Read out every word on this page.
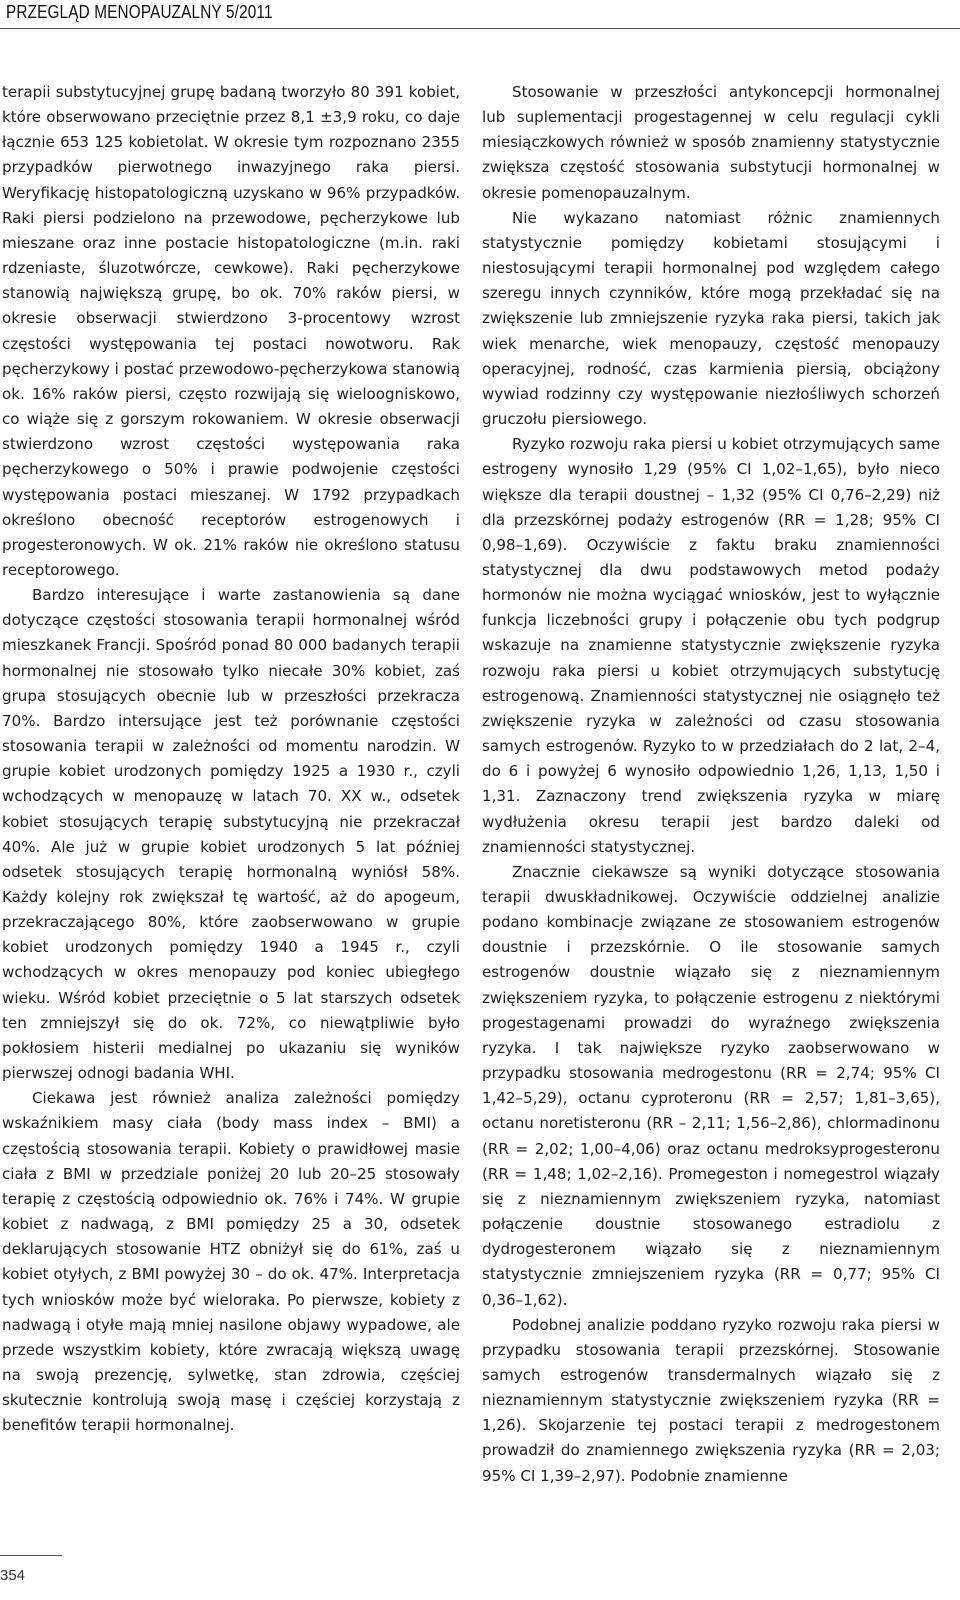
PRZEGLĄD MENOPAUZALNY 5/2011

terapii substytucyjnej grupę badaną tworzyło 80 391 kobiet, które obserwowano przeciętnie przez 8,1 ±3,9 roku, co daje łącznie 653 125 kobietolat. W okresie tym rozpoznano 2355 przypadków pierwotnego inwazyjnego raka piersi. Weryfikację histopatologiczną uzyskano w 96% przypadków. Raki piersi podzielono na przewodowe, pęcherzykowe lub mieszane oraz inne postacie histopatologiczne (m.in. raki rdzeniaste, śluzotwórcze, cewkowe). Raki pęcherzykowe stanowią największą grupę, bo ok. 70% raków piersi, w okresie obserwacji stwierdzono 3-procentowy wzrost częstości występowania tej postaci nowotworu. Rak pęcherzykowy i postać przewodowo-pęcherzykowa stanowią ok. 16% raków piersi, często rozwijają się wieloogniskowo, co wiąże się z gorszym rokowaniem. W okresie obserwacji stwierdzono wzrost częstości występowania raka pęcherzykowego o 50% i prawie podwojenie częstości występowania postaci mieszanej. W 1792 przypadkach określono obecność receptorów estrogenowych i progesteronowych. W ok. 21% raków nie określono statusu receptorowego.

Bardzo interesujące i warte zastanowienia są dane dotyczące częstości stosowania terapii hormonalnej wśród mieszkanek Francji. Spośród ponad 80 000 badanych terapii hormonalnej nie stosowało tylko niecałe 30% kobiet, zaś grupa stosujących obecnie lub w przeszłości przekracza 70%. Bardzo intersujące jest też porównanie częstości stosowania terapii w zależności od momentu narodzin. W grupie kobiet urodzonych pomiędzy 1925 a 1930 r., czyli wchodzących w menopauzę w latach 70. XX w., odsetek kobiet stosujących terapię substytucyjną nie przekraczał 40%. Ale już w grupie kobiet urodzonych 5 lat później odsetek stosujących terapię hormonalną wyniósł 58%. Każdy kolejny rok zwiększał tę wartość, aż do apogeum, przekraczającego 80%, które zaobserwowano w grupie kobiet urodzonych pomiędzy 1940 a 1945 r., czyli wchodzących w okres menopauzy pod koniec ubiegłego wieku. Wśród kobiet przeciętnie o 5 lat starszych odsetek ten zmniejszył się do ok. 72%, co niewątpliwie było pokłosiem histerii medialnej po ukazaniu się wyników pierwszej odnogi badania WHI.

Ciekawa jest również analiza zależności pomiędzy wskaźnikiem masy ciała (body mass index – BMI) a częstością stosowania terapii. Kobiety o prawidłowej masie ciała z BMI w przedziale poniżej 20 lub 20–25 stosowały terapię z częstością odpowiednio ok. 76% i 74%. W grupie kobiet z nadwagą, z BMI pomiędzy 25 a 30, odsetek deklarujących stosowanie HTZ obniżył się do 61%, zaś u kobiet otyłych, z BMI powyżej 30 – do ok. 47%. Interpretacja tych wniosków może być wieloraka. Po pierwsze, kobiety z nadwagą i otyłe mają mniej nasilone objawy wypadowe, ale przede wszystkim kobiety, które zwracają większą uwagę na swoją prezencję, sylwetkę, stan zdrowia, częściej skutecznie kontrolują swoją masę i częściej korzystają z benefitów terapii hormonalnej.

Stosowanie w przeszłości antykoncepcji hormonalnej lub suplementacji progestagennej w celu regulacji cykli miesiączkowych również w sposób znamienny statystycznie zwiększa częstość stosowania substytucji hormonalnej w okresie pomenopauzalnym.

Nie wykazano natomiast różnic znamiennych statystycznie pomiędzy kobietami stosującymi i niestosującymi terapii hormonalnej pod względem całego szeregu innych czynników, które mogą przekładać się na zwiększenie lub zmniejszenie ryzyka raka piersi, takich jak wiek menarche, wiek menopauzy, częstość menopauzy operacyjnej, rodność, czas karmienia piersią, obciążony wywiad rodzinny czy występowanie niezłośliwych schorzeń gruczołu piersiowego.

Ryzyko rozwoju raka piersi u kobiet otrzymujących same estrogeny wynosiło 1,29 (95% CI 1,02–1,65), było nieco większe dla terapii doustnej – 1,32 (95% CI 0,76–2,29) niż dla przezskórnej podaży estrogenów (RR = 1,28; 95% CI 0,98–1,69). Oczywiście z faktu braku znamienności statystycznej dla dwu podstawowych metod podaży hormonów nie można wyciągać wniosków, jest to wyłącznie funkcja liczebności grupy i połączenie obu tych podgrup wskazuje na znamienne statystycznie zwiększenie ryzyka rozwoju raka piersi u kobiet otrzymujących substytucję estrogenową. Znamienności statystycznej nie osiągnęło też zwiększenie ryzyka w zależności od czasu stosowania samych estrogenów. Ryzyko to w przedziałach do 2 lat, 2–4, do 6 i powyżej 6 wynosiło odpowiednio 1,26, 1,13, 1,50 i 1,31. Zaznaczony trend zwiększenia ryzyka w miarę wydłużenia okresu terapii jest bardzo daleki od znamienności statystycznej.

Znacznie ciekawsze są wyniki dotyczące stosowania terapii dwuskładnikowej. Oczywiście oddzielnej analizie podano kombinacje związane ze stosowaniem estrogenów doustnie i przezskórnie. O ile stosowanie samych estrogenów doustnie wiązało się z nieznamiennym zwiększeniem ryzyka, to połączenie estrogenu z niektórymi progestagenami prowadzi do wyraźnego zwiększenia ryzyka. I tak największe ryzyko zaobserwowano w przypadku stosowania medrogestonu (RR = 2,74; 95% CI 1,42–5,29), octanu cyproteronu (RR = 2,57; 1,81–3,65), octanu noretisteronu (RR – 2,11; 1,56–2,86), chlormadinonu (RR = 2,02; 1,00–4,06) oraz octanu medroksyprogesteronu (RR = 1,48; 1,02–2,16). Promegeston i nomegestrol wiązały się z nieznamiennym zwiększeniem ryzyka, natomiast połączenie doustnie stosowanego estradiolu z dydrogesteronem wiązało się z nieznamiennym statystycznie zmniejszeniem ryzyka (RR = 0,77; 95% CI 0,36–1,62).

Podobnej analizie poddano ryzyko rozwoju raka piersi w przypadku stosowania terapii przezskórnej. Stosowanie samych estrogenów transdermalnych wiązało się z nieznamiennym statystycznie zwiększeniem ryzyka (RR = 1,26). Skojarzenie tej postaci terapii z medrogestonem prowadził do znamiennego zwiększenia ryzyka (RR = 2,03; 95% CI 1,39–2,97). Podobnie znamienne

354
